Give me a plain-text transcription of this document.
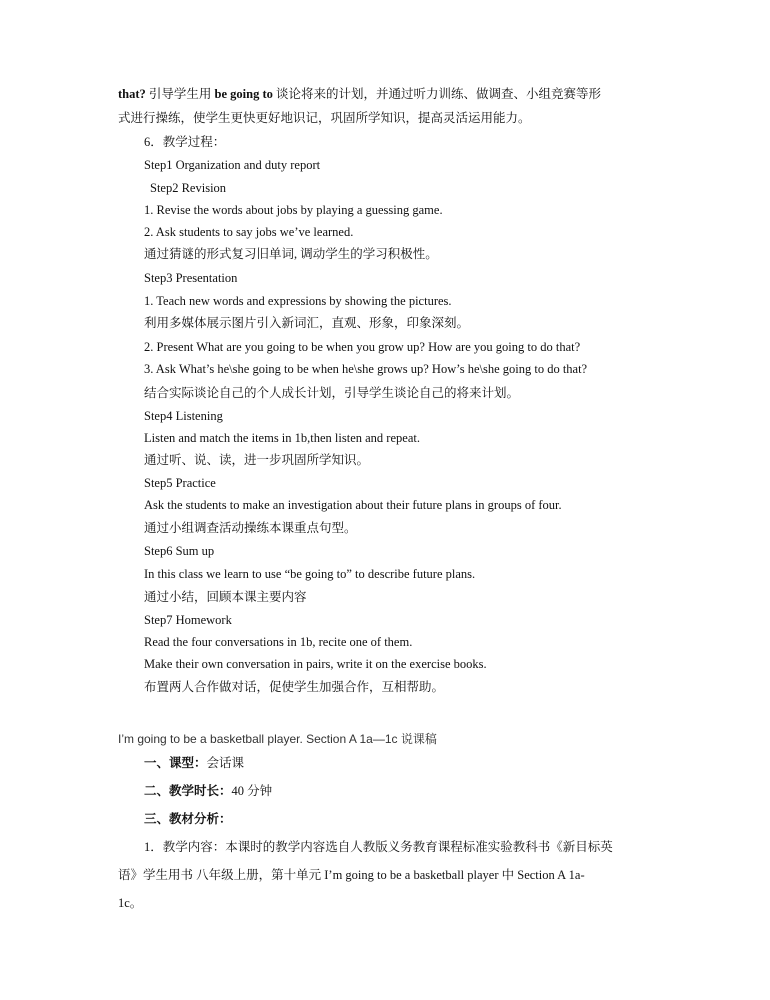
that? 引导学生用 be going to 谈论将来的计划，并通过听力训练、做调查、小组竞赛等形
式进行操练，使学生更快更好地识记，巩固所学知识，提高灵活运用能力。
6．教学过程：
Step1 Organization and duty report
Step2 Revision
1. Revise the words about jobs by playing a guessing game.
2. Ask students to say jobs we’ve learned.
通过猜谜的形式复习旧单词, 调动学生的学习积极性。
Step3 Presentation
1. Teach new words and expressions by showing the pictures.
利用多媒体展示图片引入新词汇，直观、形象，印象深刻。
2. Present What are you going to be when you grow up? How are you going to do that?
3. Ask What’s he\she going to be when he\she grows up? How’s he\she going to do that?
结合实际谈论自己的个人成长计划，引导学生谈论自己的将来计划。
Step4 Listening
Listen and match the items in 1b,then listen and repeat.
通过听、说、读，进一步巩固所学知识。
Step5 Practice
Ask the students to make an investigation about their future plans in groups of four.
通过小组调查活动操练本课重点句型。
Step6 Sum up
In this class we learn to use “be going to” to describe future plans.
通过小结，回顾本课主要内容
Step7 Homework
Read the four conversations in 1b, recite one of them.
Make their own conversation in pairs, write it on the exercise books.
布置两人合作做对话，促使学生加强合作，互相帮助。
I’m going to be a basketball player. Section A 1a—1c 说课稿
一、课型：会话课
二、教学时长：40 分钟
三、教材分析：
1．教学内容：本课时的教学内容选自人教版义务教育课程标准实验教科书《新目标英
语》学生用书 八年级上册，第十单元 I’m going to be a basketball player 中 Section A 1a-
1c。
